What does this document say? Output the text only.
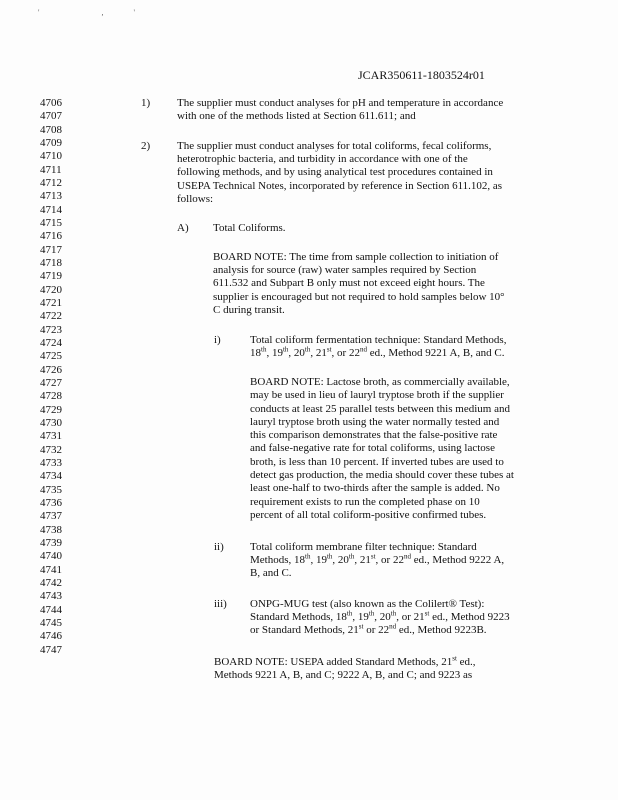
' ,'
JCAR350611-1803524r01
4706
4707
4708
4709
4710
4711
4712
4713
4714
4715
4716
4717
4718
4719
4720
4721
4722
4723
4724
4725
4726
4727
4728
4729
4730
4731
4732
4733
4734
4735
4736
4737
4738
4739
4740
4741
4742
4743
4744
4745
4746
4747
1) The supplier must conduct analyses for pH and temperature in accordance
with one of the methods listed at Section 611.611; and
2) The supplier must conduct analyses for total coliforms, fecal coliforms,
heterotrophic bacteria, and turbidity in accordance with one of the
following methods, and by using analytical test procedures contained in
USEPA Technical Notes, incorporated by reference in Section 611.102, as
follows:
A) Total Coliforms.
BOARD NOTE: The time from sample collection to initiation of
analysis for source (raw) water samples required by Section
611.532 and Subpart B only must not exceed eight hours. The
supplier is encouraged but not required to hold samples below 10°
C during transit.
i)	Total coliform fermentation technique: Standard Methods,
18th, 19th, 20th, 21st, or 22nd ed., Method 9221 A, B, and C.
BOARD NOTE: Lactose broth, as commercially available,
may be used in lieu of lauryl tryptose broth if the supplier
conducts at least 25 parallel tests between this medium and
lauryl tryptose broth using the water normally tested and
this comparison demonstrates that the false-positive rate
and false-negative rate for total coliforms, using lactose
broth, is less than 10 percent. If inverted tubes are used to
detect gas production, the media should cover these tubes at
least one-half to two-thirds after the sample is added. No
requirement exists to run the completed phase on 10
percent of all total coliform-positive confirmed tubes.
ii) Total coliform membrane filter technique: Standard
Methods, 18th, 19th, 20th, 21st, or 22nd ed., Method 9222 A,
B, and C.
iii) ONPG-MUG test (also known as the Colilert® Test):
Standard Methods, 18th, 19th, 20th, or 21st ed., Method 9223
or Standard Methods, 21st or 22nd ed., Method 9223B.
BOARD NOTE: USEPA added Standard Methods, 21st ed.,
Methods 9221 A, B, and C; 9222 A, B, and C; and 9223 as
